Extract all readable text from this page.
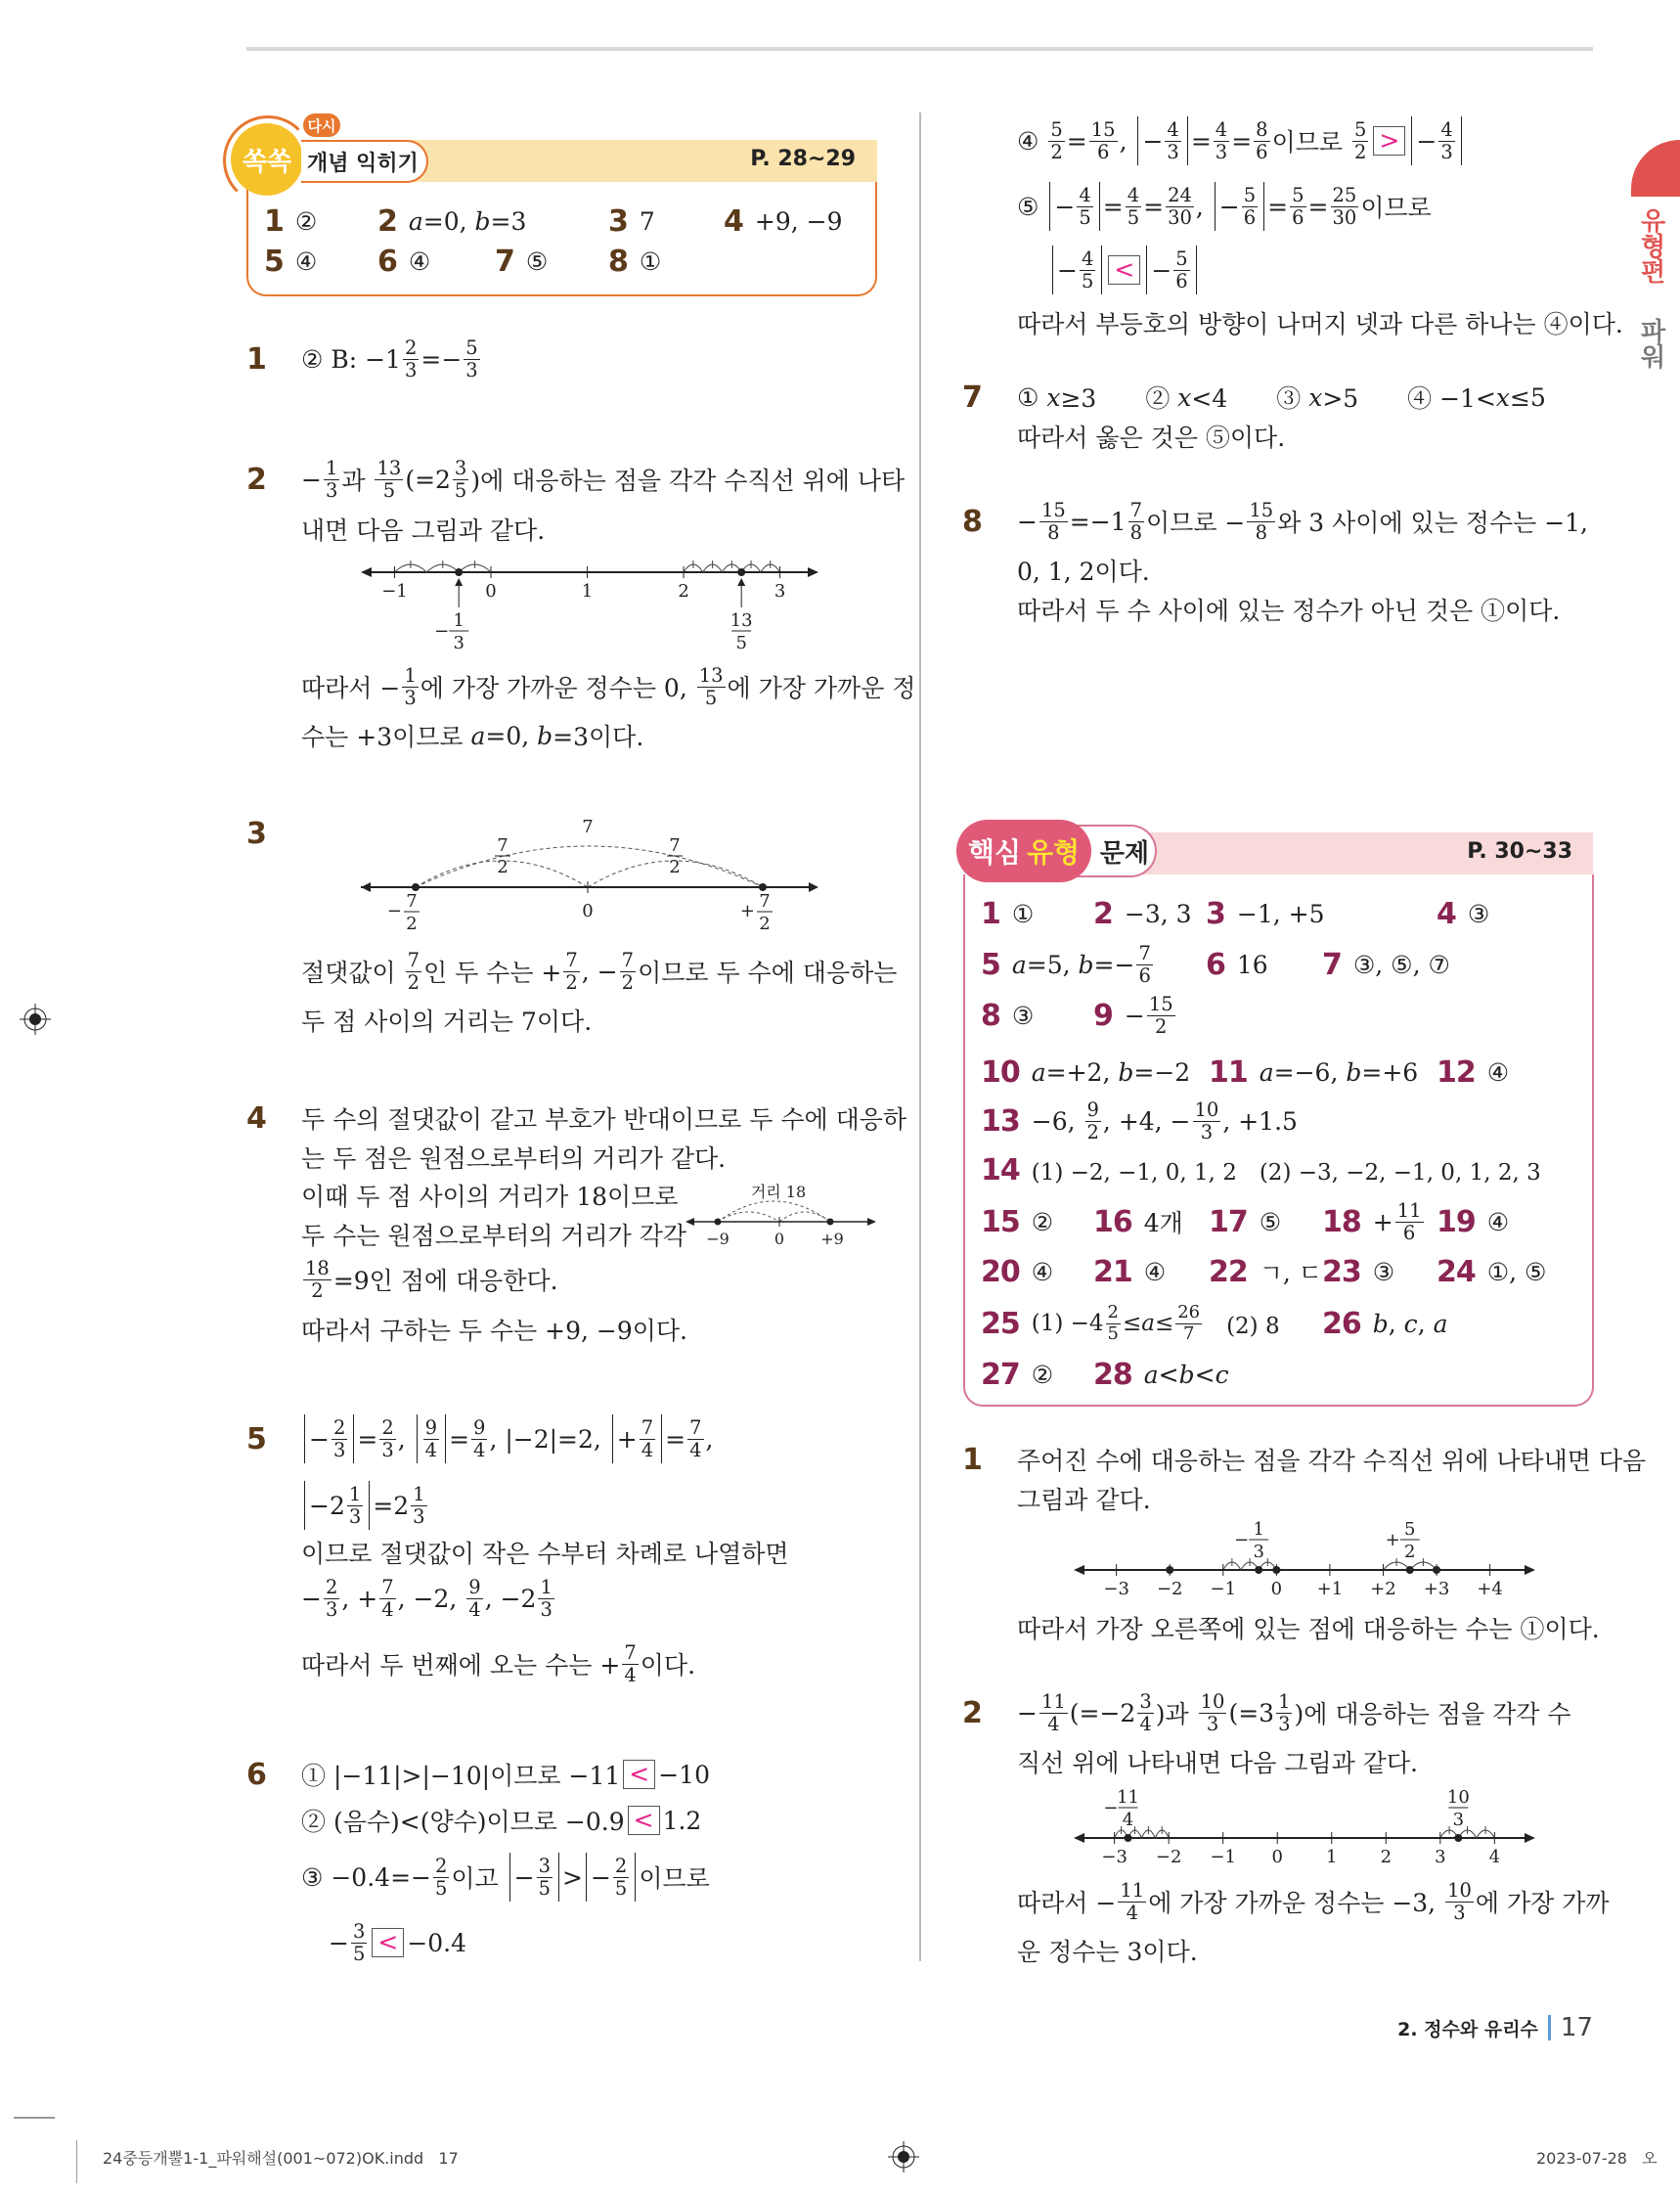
유형편
파워
쏙쏙 개념 익히기
다시
P. 28∼29
1 ② 2 a =0, b =3	3 7 4 +9, −9
5 ④ 6 ④ 7 ⑤ 8 ①
1 ② B: $-1 \frac{2}{3} =- \frac{5}{3}$
$2 - \frac{1}{3}$ 과 $\frac{13}{5} (=2 \frac{3}{5}$ )에 대응하는 점을 각각 수직선 위에 나타
내면 다음 그림과 같다.
−1	0	1	2	3
−
1
3
13
5
따라서 − $\frac{1}{3}$ 에 가장 가까운 정수는 0, $\frac{13}{5}$ 에 가장 가까운 정
수는 +3이므로 a =0, b =3이다.
3	7
7
2
7
2
− 7
2
0	+ 7
2
절댓값이 $\frac{7}{2}$ 인 두 수는 + $\frac{7}{2}$ , − $\frac{7}{2}$ 이므로 두 수에 대응하는
두 점 사이의 거리는 7이다.
4 두 수의 절댓값이 같고 부호가 반대이므로 두 수에 대응하
는 두 점은 원점으로부터의 거리가 같다.
이때 두 점 사이의 거리가 18이므로
두 수는 원점으로부터의 거리가 각각
$\frac{18}{2} =9$인 점에 대응한다.
따라서 구하는 두 수는 +9, −9이다.
거리 18
−9	0 +9
$5 - \frac{2}{3} = \frac{2}{3}$ , $\frac{9}{4} = \frac{9}{4}$ , |−2|=2, + $\frac{7}{4} = \frac{7}{4}$ ,
$-2 \frac{1}{3} =2 \frac{1}{3}$
이므로 절댓값이 작은 수부터 차례로 나열하면
− $\frac{2}{3}$ , + $\frac{7}{4}$ , −2, $\frac{9}{4}$ , $-2 \frac{1}{3}$
따라서 두 번째에 오는 수는 + $\frac{7}{4}$ 이다.
6 ① |−11|>|−10|이므로 −11 < −10
② (음수)<(양수)이므로 −0.9 < 1.2
③ $-0.4=- \frac{2}{5}$ 이고 − $\frac{3}{5}$ > − $\frac{2}{5}$ 이므로
− $\frac{3}{5} < -0.4$
④ $\frac{5}{2} = \frac{15}{6}$ , − $\frac{4}{3} = \frac{4}{3} = \frac{8}{6}$ 이므로 $\frac{5}{2}$ > − $\frac{4}{3}$
⑤ − $\frac{4}{5} = \frac{4}{5} = \frac{24}{30}$ , − $\frac{5}{6} = \frac{5}{6} = \frac{25}{30}$ 이므로
− $\frac{4}{5}$ < − $\frac{5}{6}$
따라서 부등호의 방향이 나머지 넷과 다른 하나는 ④이다.
7 ① x ≥3　　② x <4　　③ x >5　　④ −1< x ≤5
따라서 옳은 것은 ⑤이다.
$8 - \frac{15}{8} =-1 \frac{7}{8}$ 이므로 − $\frac{15}{8}$ 와 3 사이에 있는 정수는 −1,
0, 1, 2이다.
따라서 두 수 사이에 있는 정수가 아닌 것은 ①이다.
문제
핵심 유형	P. 30∼33
1 ① 2 −3, 3 3 −1, +5	4 ③
5 a =5, $b =- \frac{7}{6} 6$ 16 7 ③, ⑤, ⑦
8 ③ $9 - \frac{15}{2}$
10 a =+2, b =−2 11 a =−6, b =+6 12 ④
13 −6, $\frac{9}{2}$ , +4, − $\frac{10}{3}$ , +1.5
14 (1) −2, −1, 0, 1, 2　(2) −3, −2, −1, 0, 1, 2, 3
15 ② 16 4개 17 ⑤ $18 + \frac{11}{6} 19$ ④
20 ④ 21 ④ 22 ㄱ, ㄷ 23 ③ 24 ①, ⑤
25 $(1) -4 \frac{2}{5} \le a \le \frac{26}{7}$ 　(2) 8 26 b , c , a
27 ② 28 a < b < c
1 주어진 수에 대응하는 점을 각각 수직선 위에 나타내면 다음
그림과 같다.
−3 −2 −1 0 +1 +2 +3 +4
−
1
3
+
5
2
따라서 가장 오른쪽에 있는 점에 대응하는 수는 ①이다.
$2 - \frac{11}{4} (=-2 \frac{3}{4}$ )과 $\frac{10}{3} (=3 \frac{1}{3}$ )에 대응하는 점을 각각 수
직선 위에 나타내면 다음 그림과 같다.
−3 −2 −1 0 1 2 3 4
−
11
4
10
3
따라서 − $\frac{11}{4}$ 에 가장 가까운 정수는 −3, $\frac{10}{3}$ 에 가장 가까
운 정수는 3이다.
2. 정수와 유리수 17
24중등개뿔1-1_파워해설(001~072)OK.indd   17	2023-07-28   오
